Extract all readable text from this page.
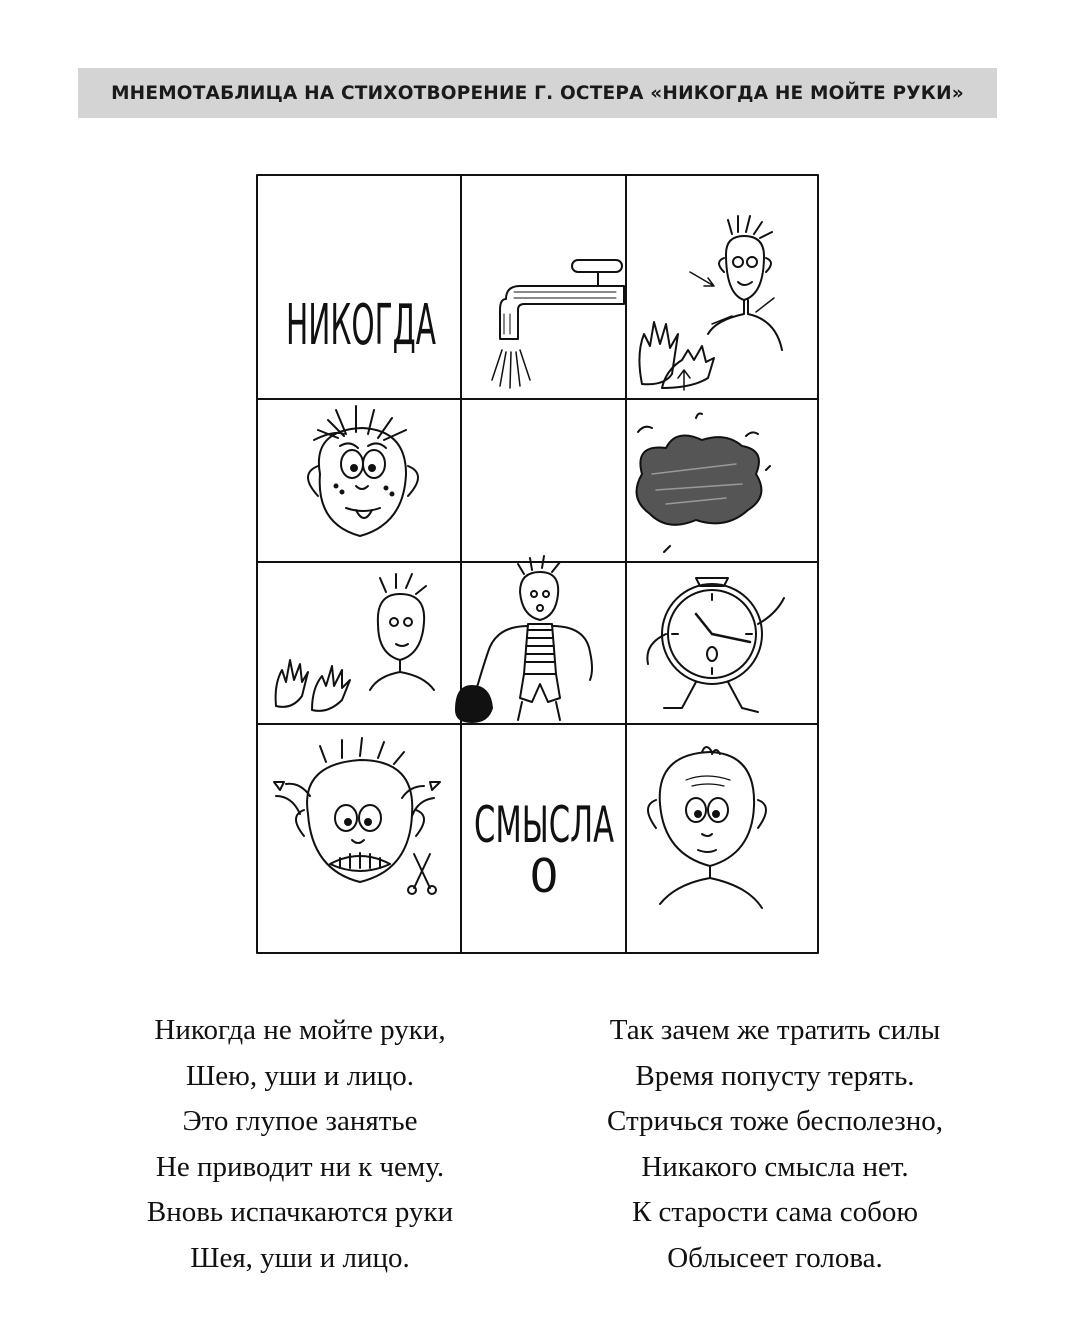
МНЕМОТАБЛИЦА НА СТИХОТВОРЕНИЕ Г. ОСТЕРА «НИКОГДА НЕ МОЙТЕ РУКИ»
НИКОГДА
СМЫСЛА
0
Никогда не мойте руки,
Шею, уши и лицо.
Это глупое занятье
Не приводит ни к чему.
Вновь испачкаются руки
Шея, уши и лицо.
Так зачем же тратить силы
Время попусту терять.
Стричься тоже бесполезно,
Никакого смысла нет.
К старости сама собою
Облысеет голова.
